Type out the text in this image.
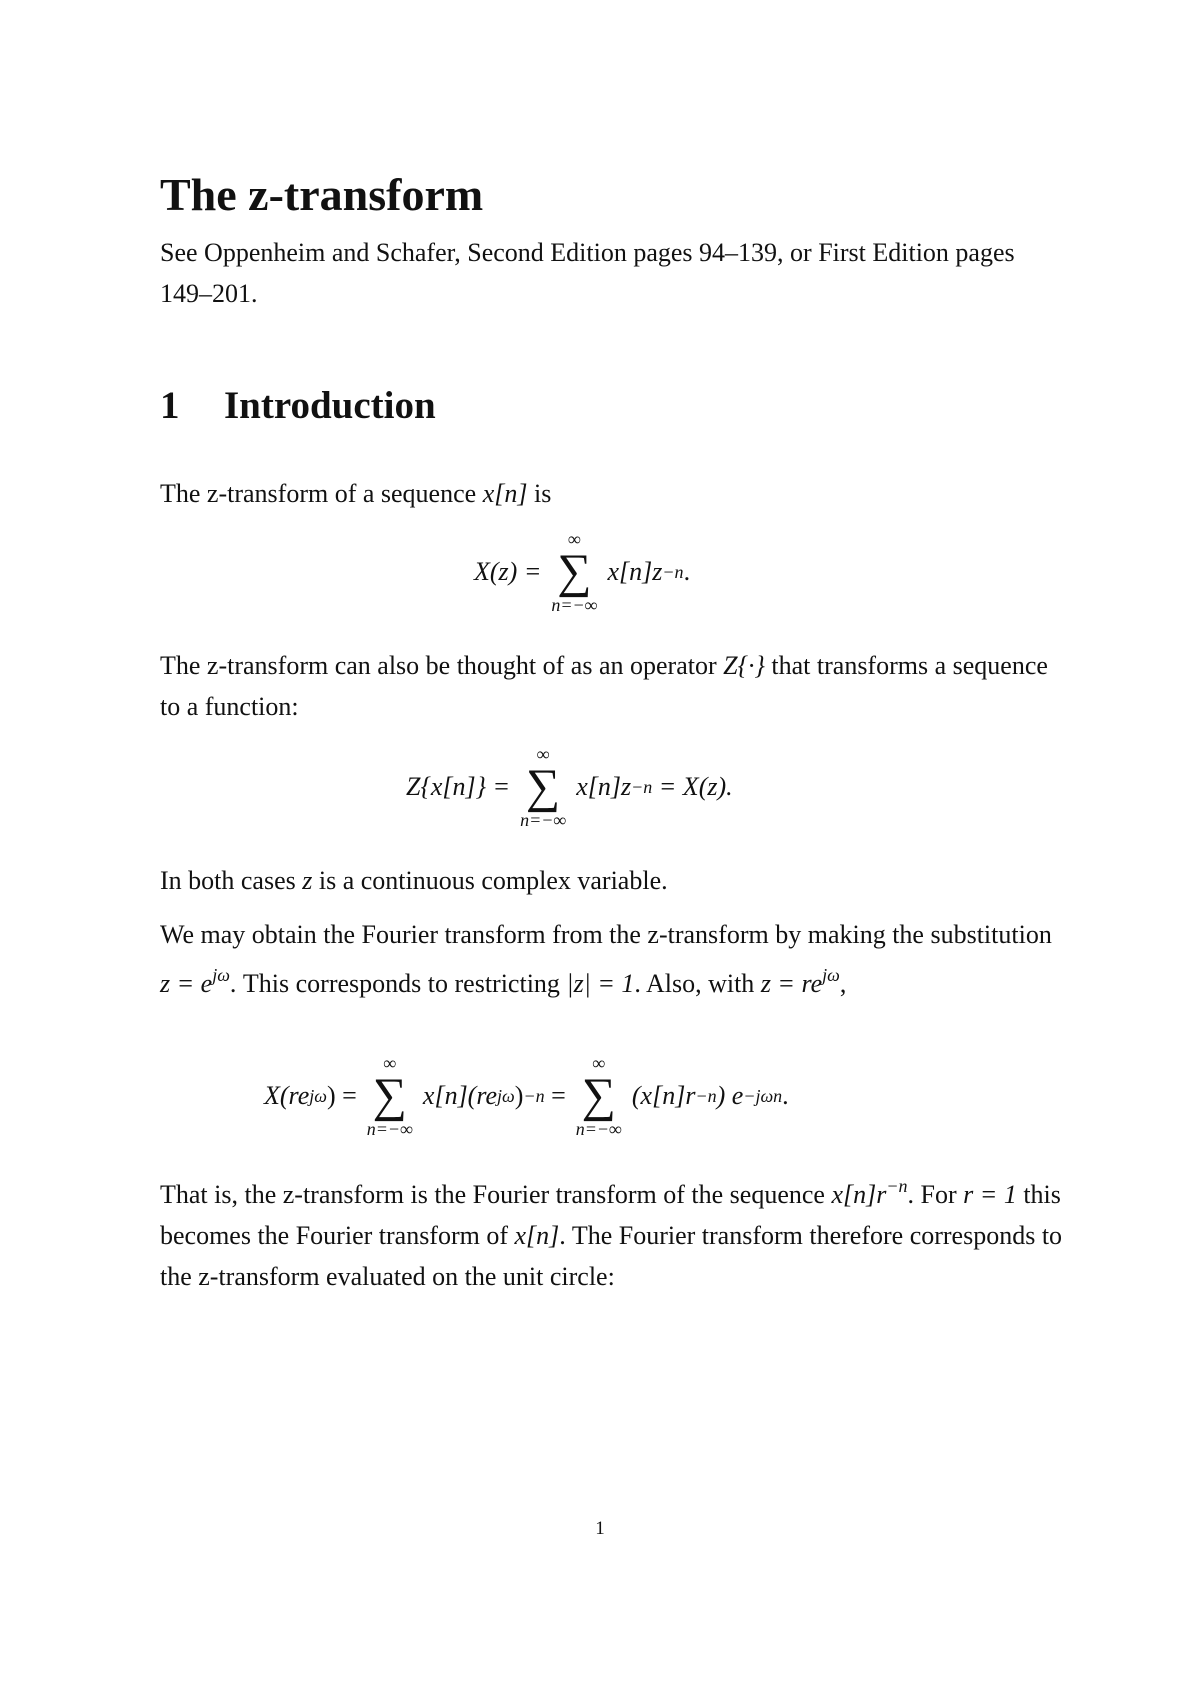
The z-transform

See Oppenheim and Schafer, Second Edition pages 94–139, or First Edition pages 149–201.

1 Introduction

The z-transform of a sequence x[n] is

X(z) =
∞
∑
n=−∞
x[n]z −n .

The z-transform can also be thought of as an operator Z{·} that transforms a sequence to a function:

Z{x[n]} =
∞
∑
n=−∞
x[n]z −n
= X(z).

In both cases z is a continuous complex variable.

We may obtain the Fourier transform from the z-transform by making the substitution $z = e^{j\omega}$. This corresponds to restricting |z| = 1. Also, with $z = re^{j\omega}$,

X(re jω ) =
∞
∑
n=−∞
x[n](re jω ) −n
=
∞
∑
n=−∞
(x[n]r −n ) e −jωn .

That is, the z-transform is the Fourier transform of the sequence $x[n]r^{-n}$. For r = 1 this becomes the Fourier transform of x[n]. The Fourier transform therefore corresponds to the z-transform evaluated on the unit circle:

1
